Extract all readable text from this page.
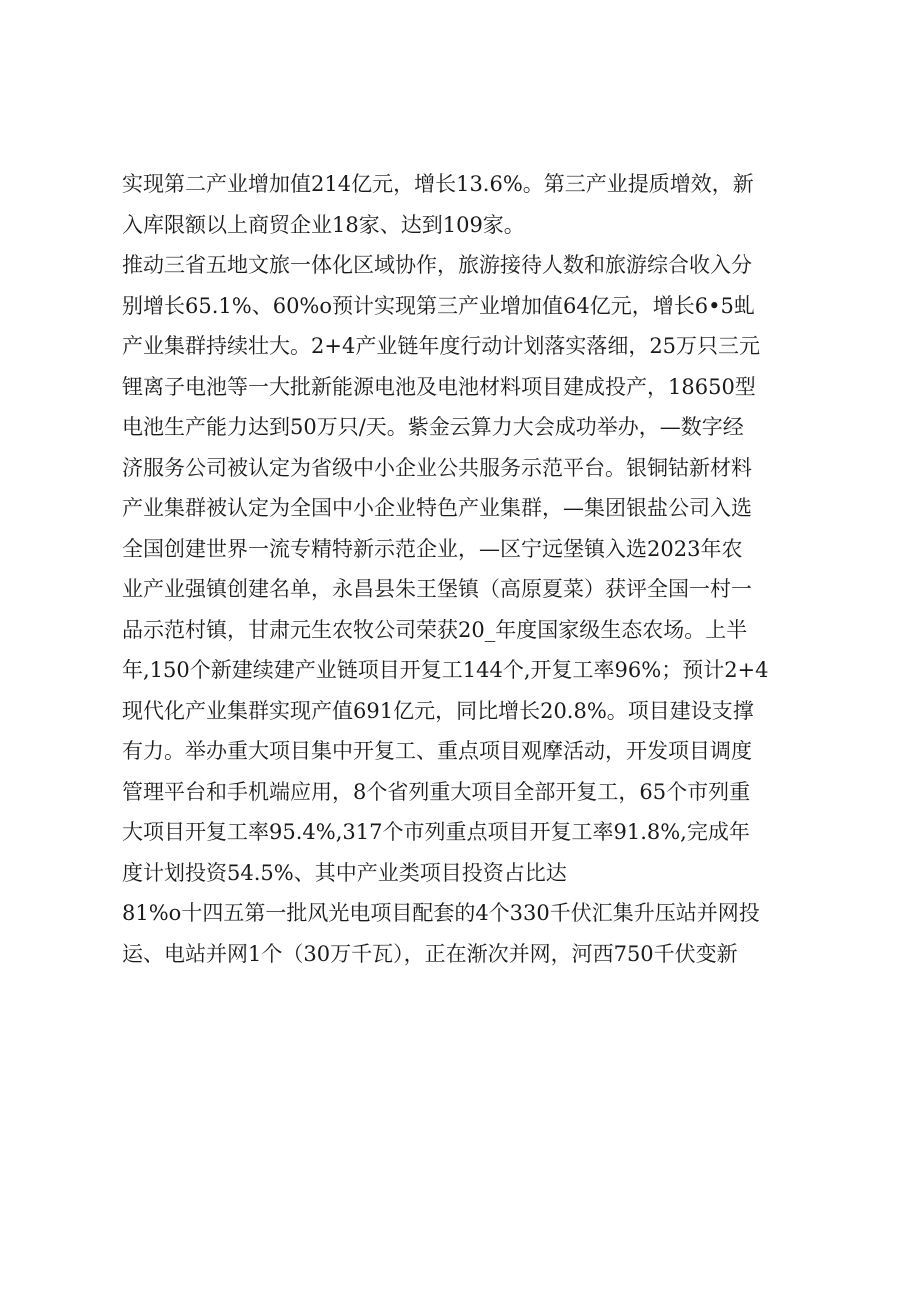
实现第二产业增加值214亿元，增长13.6%。第三产业提质增效，新
入库限额以上商贸企业18家、达到109家。
推动三省五地文旅一体化区域协作，旅游接待人数和旅游综合收入分
别增长65.1%、60%o预计实现第三产业增加值64亿元，增长6•5虬
产业集群持续壮大。2+4产业链年度行动计划落实落细，25万只三元
锂离子电池等一大批新能源电池及电池材料项目建成投产，18650型
电池生产能力达到50万只/天。紫金云算力大会成功举办，—数字经
济服务公司被认定为省级中小企业公共服务示范平台。银铜钴新材料
产业集群被认定为全国中小企业特色产业集群，—集团银盐公司入选
全国创建世界一流专精特新示范企业，—区宁远堡镇入选2023年农
业产业强镇创建名单，永昌县朱王堡镇（高原夏菜）获评全国一村一
品示范村镇，甘肃元生农牧公司荣获20_年度国家级生态农场。上半
年,150个新建续建产业链项目开复工144个,开复工率96%；预计2+4
现代化产业集群实现产值691亿元，同比增长20.8%。项目建设支撑
有力。举办重大项目集中开复工、重点项目观摩活动，开发项目调度
管理平台和手机端应用，8个省列重大项目全部开复工，65个市列重
大项目开复工率95.4%,317个市列重点项目开复工率91.8%,完成年
度计划投资54.5%、其中产业类项目投资占比达
81%o十四五第一批风光电项目配套的4个330千伏汇集升压站并网投
运、电站并网1个（30万千瓦），正在渐次并网，河西750千伏变新
